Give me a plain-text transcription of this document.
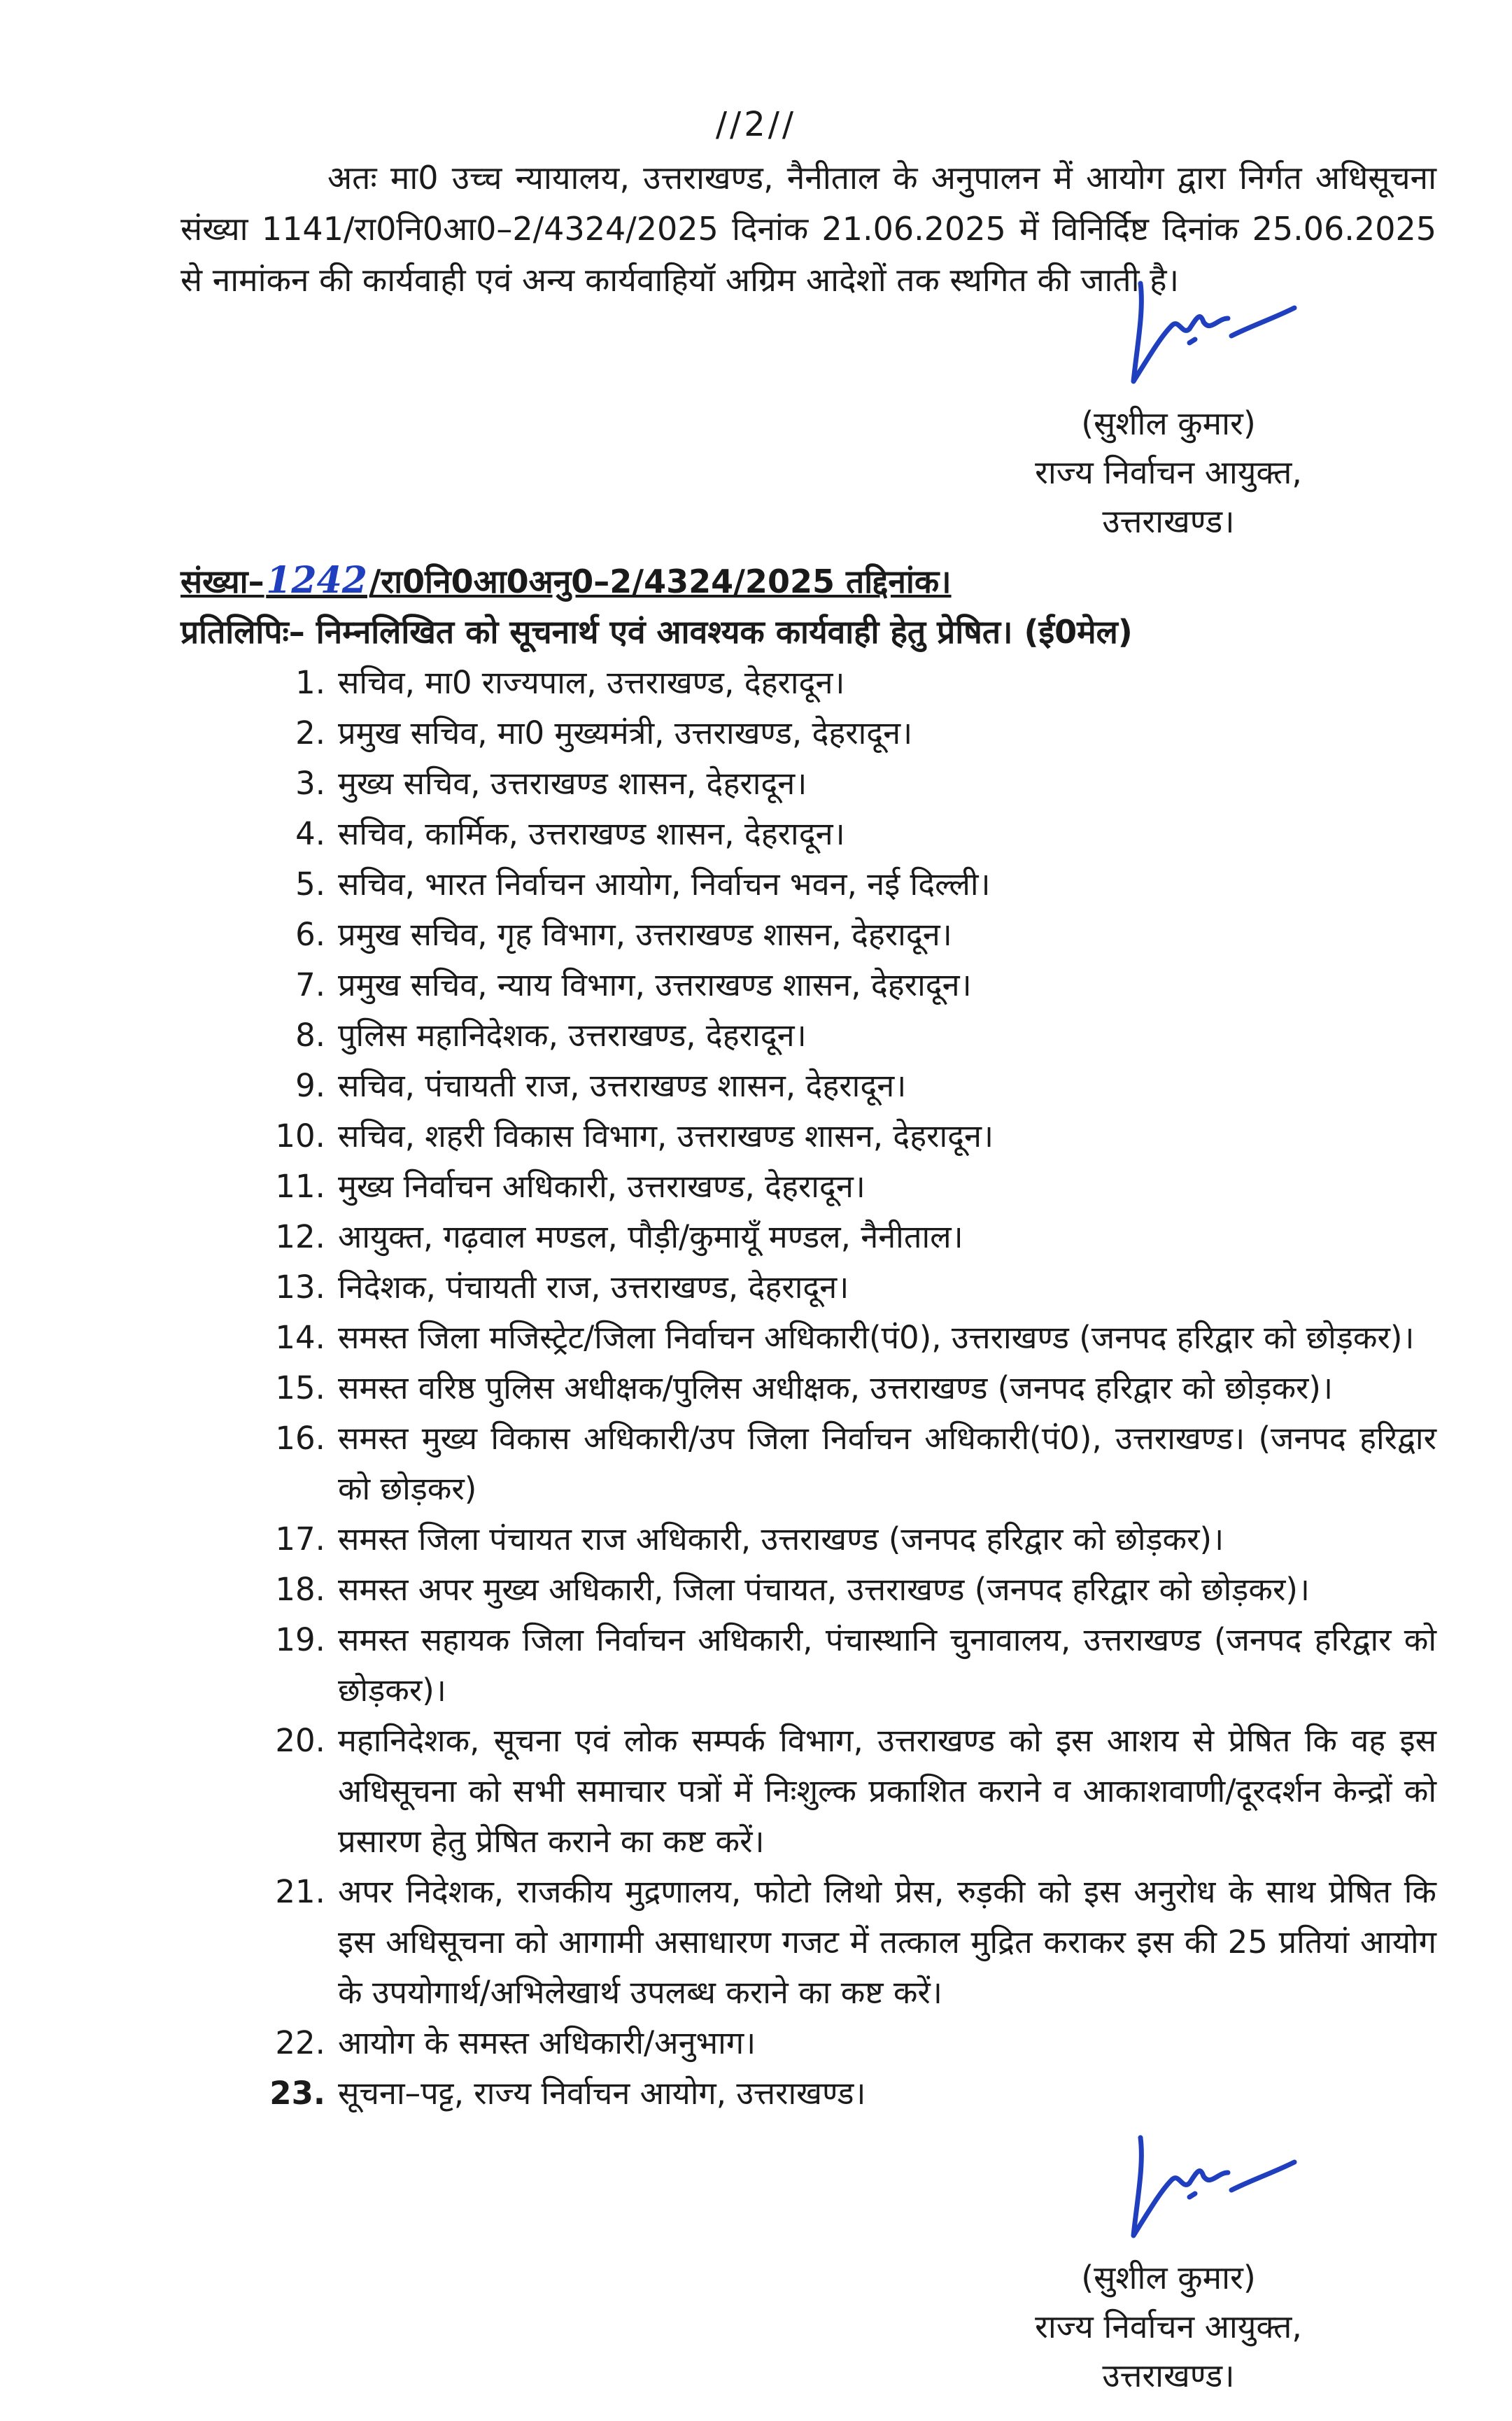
//2//

अतः मा0 उच्च न्यायालय, उत्तराखण्ड, नैनीताल के अनुपालन में आयोग द्वारा निर्गत अधिसूचना संख्या 1141/रा0नि0आ0–2/4324/2025 दिनांक 21.06.2025 में विनिर्दिष्ट दिनांक 25.06.2025 से नामांकन की कार्यवाही एवं अन्य कार्यवाहियॉ अग्रिम आदेशों तक स्थगित की जाती है।

(सुशील कुमार)
राज्य निर्वाचन आयुक्त,
उत्तराखण्ड।
संख्या–1242/रा0नि0आ0अनु0–2/4324/2025 तद्दिनांक।
प्रतिलिपिः– निम्नलिखित को सूचनार्थ एवं आवश्यक कार्यवाही हेतु प्रेषित। (ई0मेल)
1. सचिव, मा0 राज्यपाल, उत्तराखण्ड, देहरादून।
2. प्रमुख सचिव, मा0 मुख्यमंत्री, उत्तराखण्ड, देहरादून।
3. मुख्य सचिव, उत्तराखण्ड शासन, देहरादून।
4. सचिव, कार्मिक, उत्तराखण्ड शासन, देहरादून।
5. सचिव, भारत निर्वाचन आयोग, निर्वाचन भवन, नई दिल्ली।
6. प्रमुख सचिव, गृह विभाग, उत्तराखण्ड शासन, देहरादून।
7. प्रमुख सचिव, न्याय विभाग, उत्तराखण्ड शासन, देहरादून।
8. पुलिस महानिदेशक, उत्तराखण्ड, देहरादून।
9. सचिव, पंचायती राज, उत्तराखण्ड शासन, देहरादून।
10. सचिव, शहरी विकास विभाग, उत्तराखण्ड शासन, देहरादून।
11. मुख्य निर्वाचन अधिकारी, उत्तराखण्ड, देहरादून।
12. आयुक्त, गढ़वाल मण्डल, पौड़ी/कुमायूँ मण्डल, नैनीताल।
13. निदेशक, पंचायती राज, उत्तराखण्ड, देहरादून।
14. समस्त जिला मजिस्ट्रेट/जिला निर्वाचन अधिकारी(पं0), उत्तराखण्ड (जनपद हरिद्वार को छोड़कर)।
15. समस्त वरिष्ठ पुलिस अधीक्षक/पुलिस अधीक्षक, उत्तराखण्ड (जनपद हरिद्वार को छोड़कर)।
16. समस्त मुख्य विकास अधिकारी/उप जिला निर्वाचन अधिकारी(पं0), उत्तराखण्ड। (जनपद हरिद्वार को छोड़कर)
17. समस्त जिला पंचायत राज अधिकारी, उत्तराखण्ड (जनपद हरिद्वार को छोड़कर)।
18. समस्त अपर मुख्य अधिकारी, जिला पंचायत, उत्तराखण्ड (जनपद हरिद्वार को छोड़कर)।
19. समस्त सहायक जिला निर्वाचन अधिकारी, पंचास्थानि चुनावालय, उत्तराखण्ड (जनपद हरिद्वार को छोड़कर)।
20. महानिदेशक, सूचना एवं लोक सम्पर्क विभाग, उत्तराखण्ड को इस आशय से प्रेषित कि वह इस अधिसूचना को सभी समाचार पत्रों में निःशुल्क प्रकाशित कराने व आकाशवाणी/दूरदर्शन केन्द्रों को प्रसारण हेतु प्रेषित कराने का कष्ट करें।
21. अपर निदेशक, राजकीय मुद्रणालय, फोटो लिथो प्रेस, रुड़की को इस अनुरोध के साथ प्रेषित कि इस अधिसूचना को आगामी असाधारण गजट में तत्काल मुद्रित कराकर इस की 25 प्रतियां आयोग के उपयोगार्थ/अभिलेखार्थ उपलब्ध कराने का कष्ट करें।
22. आयोग के समस्त अधिकारी/अनुभाग।
23. सूचना–पट्ट, राज्य निर्वाचन आयोग, उत्तराखण्ड।
(सुशील कुमार)
राज्य निर्वाचन आयुक्त,
उत्तराखण्ड।
